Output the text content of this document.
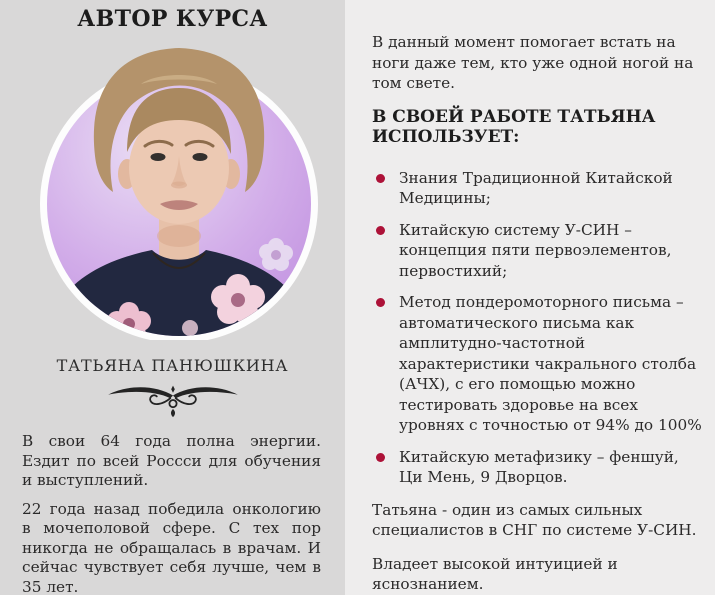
АВТОР КУРСА
ТАТЬЯНА ПАНЮШКИНА

В свои 64 года полна энергии. Ездит по всей Россси для обучения и выступлений.

22 года назад победила онкологию в мочеполовой сфере. С тех пор никогда не обращалась в врачам. И сейчас чувствует себя лучше, чем в 35 лет.

В данный момент помогает встать на ноги даже тем, кто уже одной ногой на том свете.

В СВОЕЙ РАБОТЕ ТАТЬЯНА ИСПОЛЬЗУЕТ:
Знания Традиционной Китайской Медицины;
Китайскую систему У-СИН – концепция пяти первоэлементов, первостихий;
Метод пондеромоторного письма – автоматического письма как амплитудно-частотной характеристики чакрального столба (АЧХ), с его помощью можно тестировать здоровье на всех уровнях с точностью от 94% до 100%
Китайскую метафизику – феншуй, Ци Мень, 9 Дворцов.

Татьяна - один из самых сильных специалистов в СНГ по системе У-СИН.

Владеет высокой интуицией и яснознанием.
